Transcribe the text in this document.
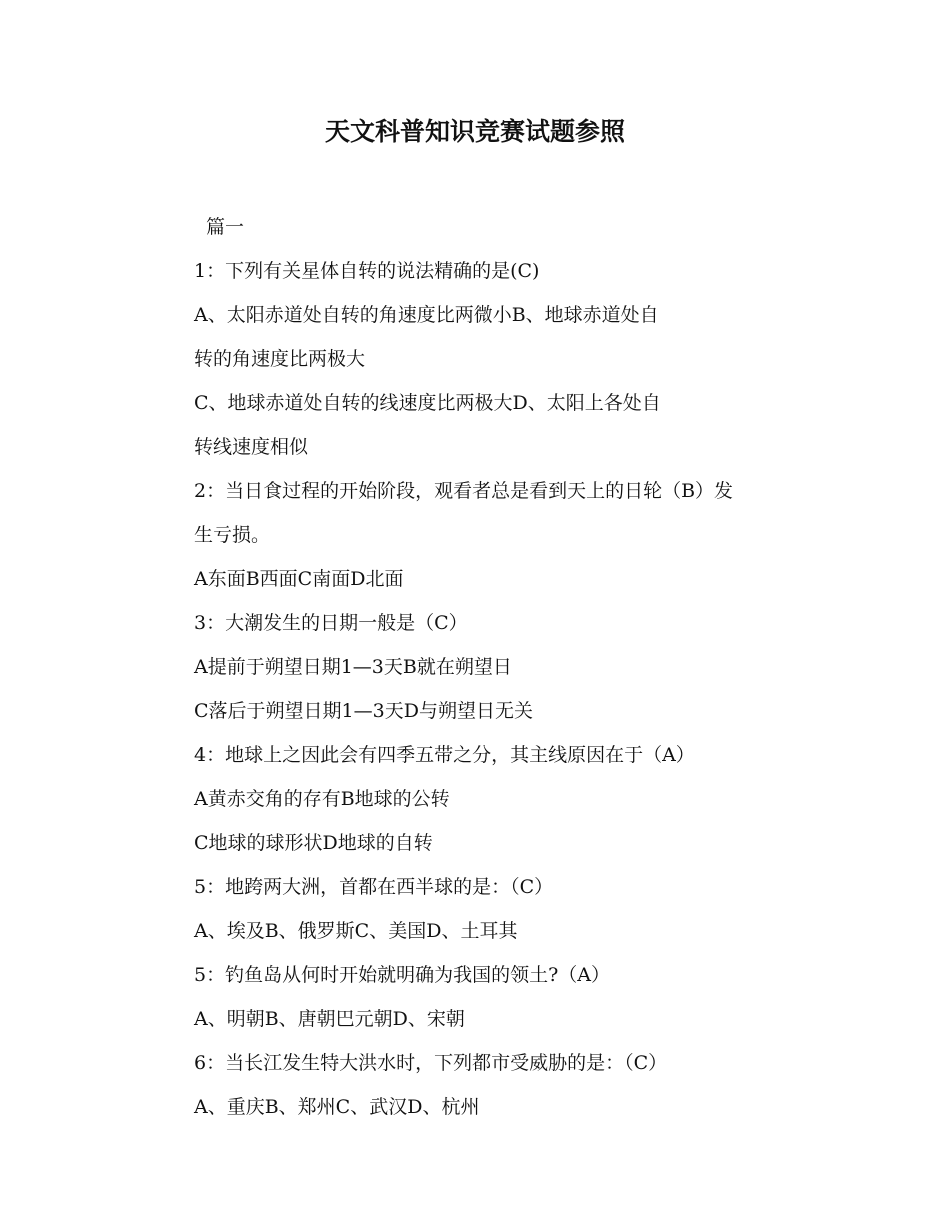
天文科普知识竞赛试题参照
篇一
1：下列有关星体自转的说法精确的是(C)
A、太阳赤道处自转的角速度比两微小B、地球赤道处自
转的角速度比两极大
C、地球赤道处自转的线速度比两极大D、太阳上各处自
转线速度相似
2：当日食过程的开始阶段，观看者总是看到天上的日轮（B）发
生亏损。
A东面B西面C南面D北面
3：大潮发生的日期一般是（C）
A提前于朔望日期1—3天B就在朔望日
C落后于朔望日期1—3天D与朔望日无关
4：地球上之因此会有四季五带之分，其主线原因在于（A）
A黄赤交角的存有B地球的公转
C地球的球形状D地球的自转
5：地跨两大洲，首都在西半球的是：（C）
A、埃及B、俄罗斯C、美国D、土耳其
5：钓鱼岛从何时开始就明确为我国的领土?（A）
A、明朝B、唐朝巴元朝D、宋朝
6：当长江发生特大洪水时，下列都市受威胁的是：（C）
A、重庆B、郑州C、武汉D、杭州
